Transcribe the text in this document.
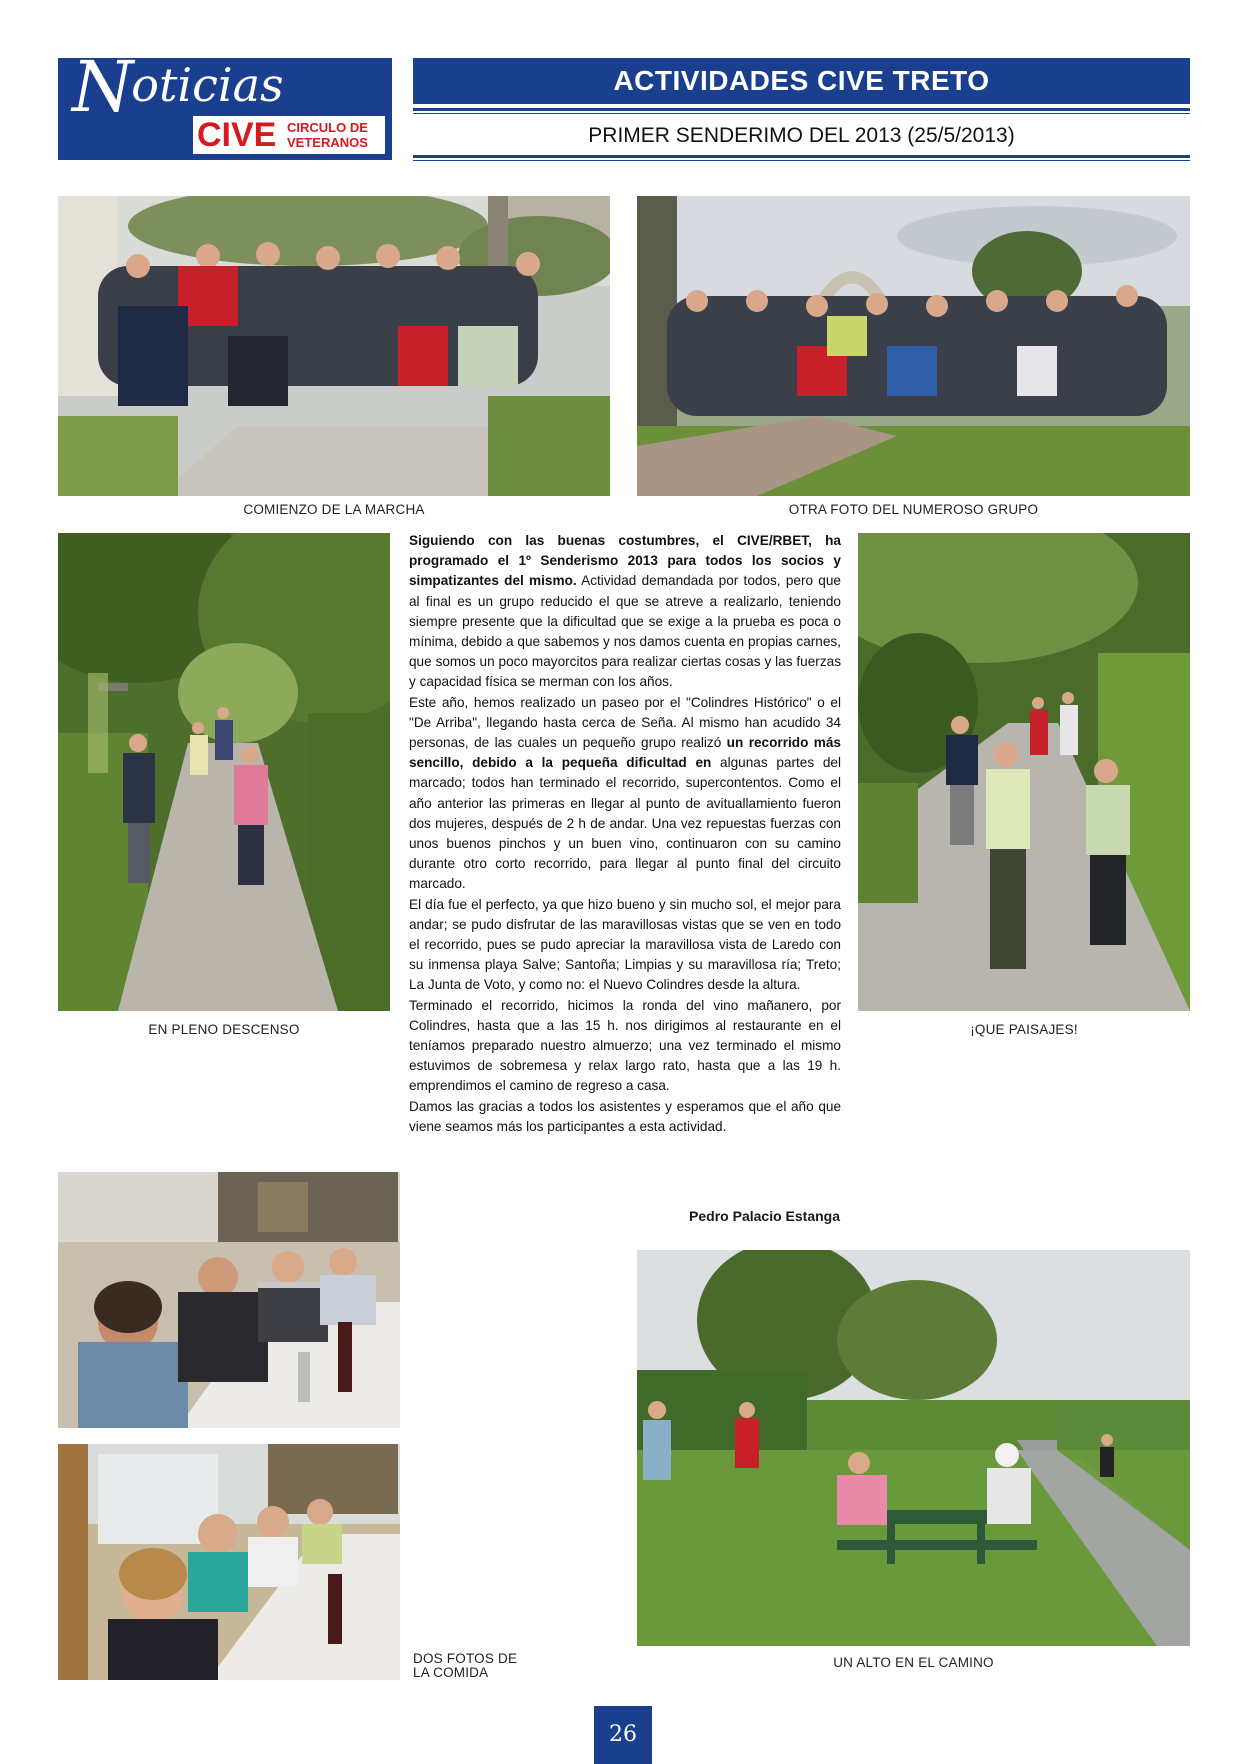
Noticias
CIVE CIRCULO DE
VETERANOS
ACTIVIDADES CIVE TRETO
PRIMER SENDERIMO DEL 2013 (25/5/2013)
COMIENZO DE LA MARCHA	OTRA FOTO DEL NUMEROSO GRUPO
EN PLENO DESCENSO

Siguiendo con las buenas costumbres, el CIVE/RBET, ha programado el 1º Senderismo 2013 para todos los socios y simpatizantes del mismo. Actividad demandada por todos, pero que al final es un grupo reducido el que se atreve a realizarlo, teniendo siempre presente que la dificultad que se exige a la prueba es poca o mínima, debido a que sabemos y nos damos cuenta en propias carnes, que somos un poco mayorcitos para realizar ciertas cosas y las fuerzas y capacidad física se merman con los años.

Este año, hemos realizado un paseo por el "Colindres Histórico" o el "De Arriba", llegando hasta cerca de Seña. Al mismo han acudido 34 personas, de las cuales un pequeño grupo realizó un recorrido más sencillo, debido a la pequeña dificultad en algunas partes del marcado; todos han terminado el recorrido, supercontentos. Como el año anterior las primeras en llegar al punto de avituallamiento fueron dos mujeres, después de 2 h de andar. Una vez repuestas fuerzas con unos buenos pinchos y un buen vino, continuaron con su camino durante otro corto recorrido, para llegar al punto final del circuito marcado.

El día fue el perfecto, ya que hizo bueno y sin mucho sol, el mejor para andar; se pudo disfrutar de las maravillosas vistas que se ven en todo el recorrido, pues se pudo apreciar la maravillosa vista de Laredo con su inmensa playa Salve; Santoña; Limpias y su maravillosa ría; Treto; La Junta de Voto, y como no: el Nuevo Colindres desde la altura.

Terminado el recorrido, hicimos la ronda del vino mañanero, por Colindres, hasta que a las 15 h. nos dirigimos al restaurante en el teníamos preparado nuestro almuerzo; una vez terminado el mismo estuvimos de sobremesa y relax largo rato, hasta que a las 19 h. emprendimos el camino de regreso a casa.

Damos las gracias a todos los asistentes y esperamos que el año que viene seamos más los participantes a esta actividad.

Pedro Palacio Estanga
¡QUE PAISAJES!
DOS FOTOS DE
LA COMIDA
UN ALTO EN EL CAMINO
26
